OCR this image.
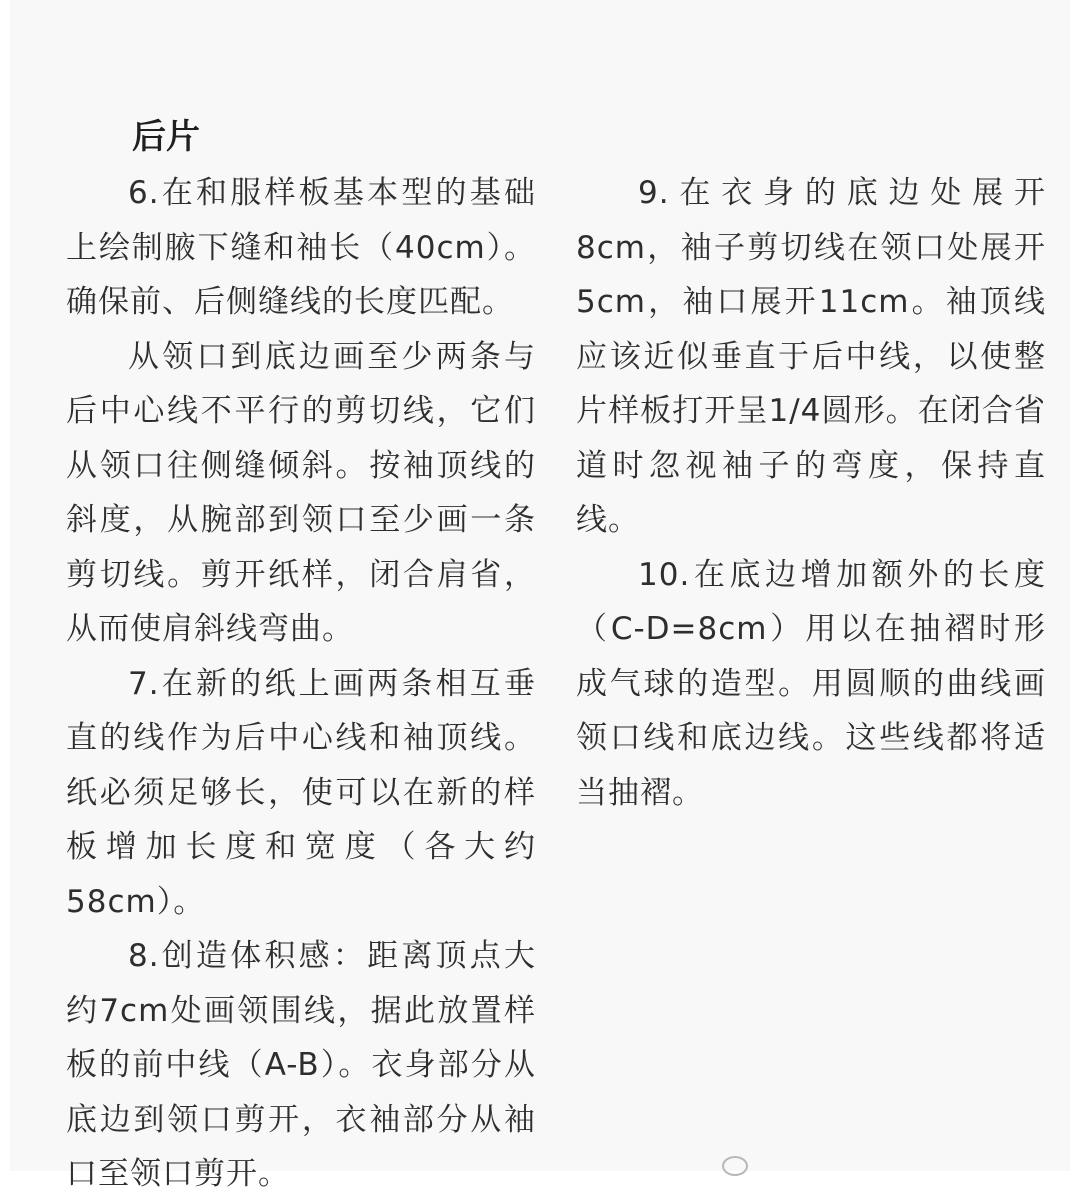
后片

6.在和服样板基本型的基础上绘制腋下缝和袖长（40cm）。确保前、后侧缝线的长度匹配。

从领口到底边画至少两条与后中心线不平行的剪切线，它们从领口往侧缝倾斜。按袖顶线的斜度，从腕部到领口至少画一条剪切线。剪开纸样，闭合肩省，从而使肩斜线弯曲。

7.在新的纸上画两条相互垂直的线作为后中心线和袖顶线。纸必须足够长，使可以在新的样板增加长度和宽度（各大约58cm）。

8.创造体积感：距离顶点大约7cm处画领围线，据此放置样板的前中线（A-B）。衣身部分从底边到领口剪开，衣袖部分从袖口至领口剪开。

9.在衣身的底边处展开8cm，袖子剪切线在领口处展开5cm，袖口展开11cm。袖顶线应该近似垂直于后中线，以使整片样板打开呈1/4圆形。在闭合省道时忽视袖子的弯度，保持直线。

10.在底边增加额外的长度（C-D=8cm）用以在抽褶时形成气球的造型。用圆顺的曲线画领口线和底边线。这些线都将适当抽褶。
